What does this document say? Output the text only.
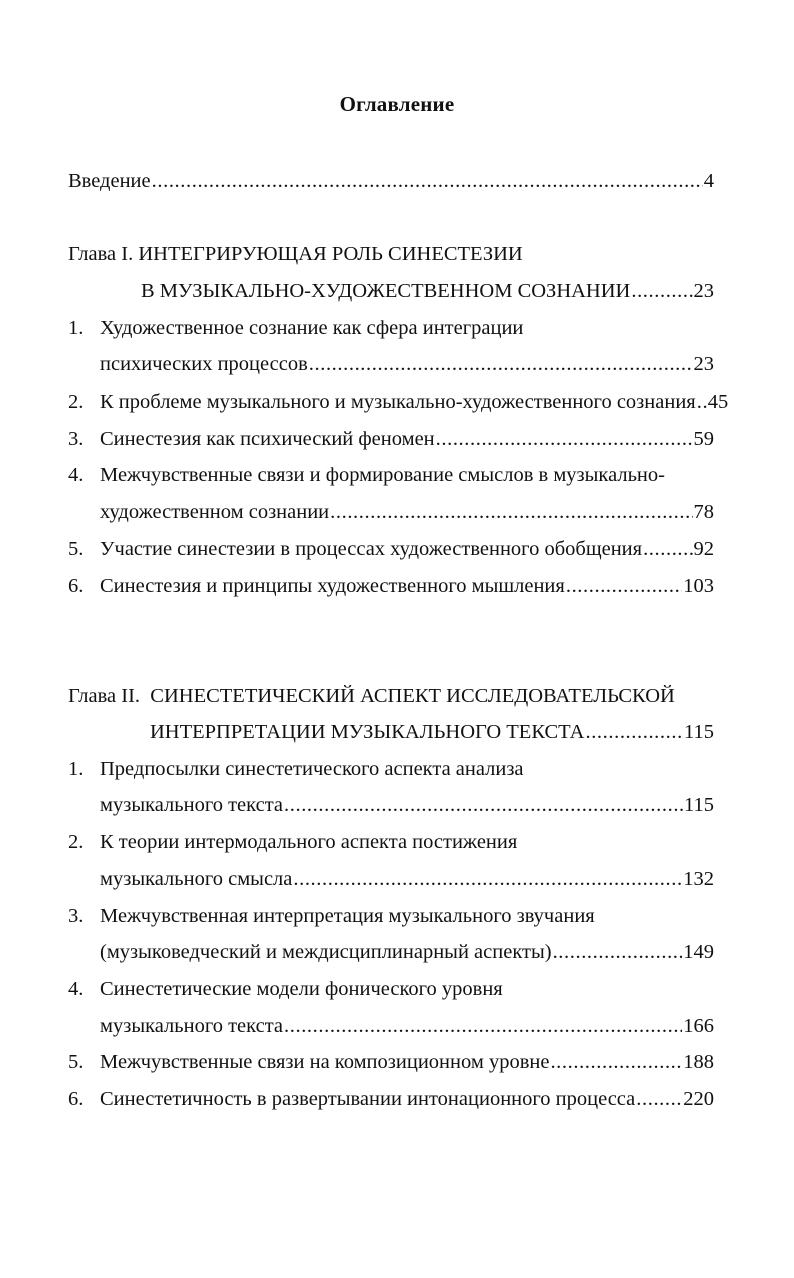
Оглавление
Введение .....	4
Глава I. ИНТЕГРИРУЮЩАЯ РОЛЬ СИНЕСТЕЗИИ
В МУЗЫКАЛЬНО-ХУДОЖЕСТВЕННОМ СОЗНАНИИ .....	23
1. Художественное сознание как сфера интеграции
психических процессов .....	23
2. К проблеме музыкального и музыкально-художественного сознания ..... 45
3. Синестезия как психический феномен .....	59
4. Межчувственные связи и формирование смыслов в музыкально-
художественном сознании .....	78
5. Участие синестезии в процессах художественного обобщения .....	92
6. Синестезия и принципы художественного мышления .....	103
Глава II.  СИНЕСТЕТИЧЕСКИЙ АСПЕКТ ИССЛЕДОВАТЕЛЬСКОЙ
ИНТЕРПРЕТАЦИИ МУЗЫКАЛЬНОГО ТЕКСТА .....	115
1. Предпосылки синестетического аспекта анализа
музыкального текста .....	115
2. К теории интермодального аспекта постижения
музыкального смысла .....	132
3. Межчувственная интерпретация музыкального звучания
(музыковедческий и междисциплинарный аспекты) .....	149
4. Синестетические модели фонического уровня
музыкального текста .....	166
5. Межчувственные связи на композиционном уровне .....	188
6. Синестетичность в развертывании интонационного процесса ..... 220
